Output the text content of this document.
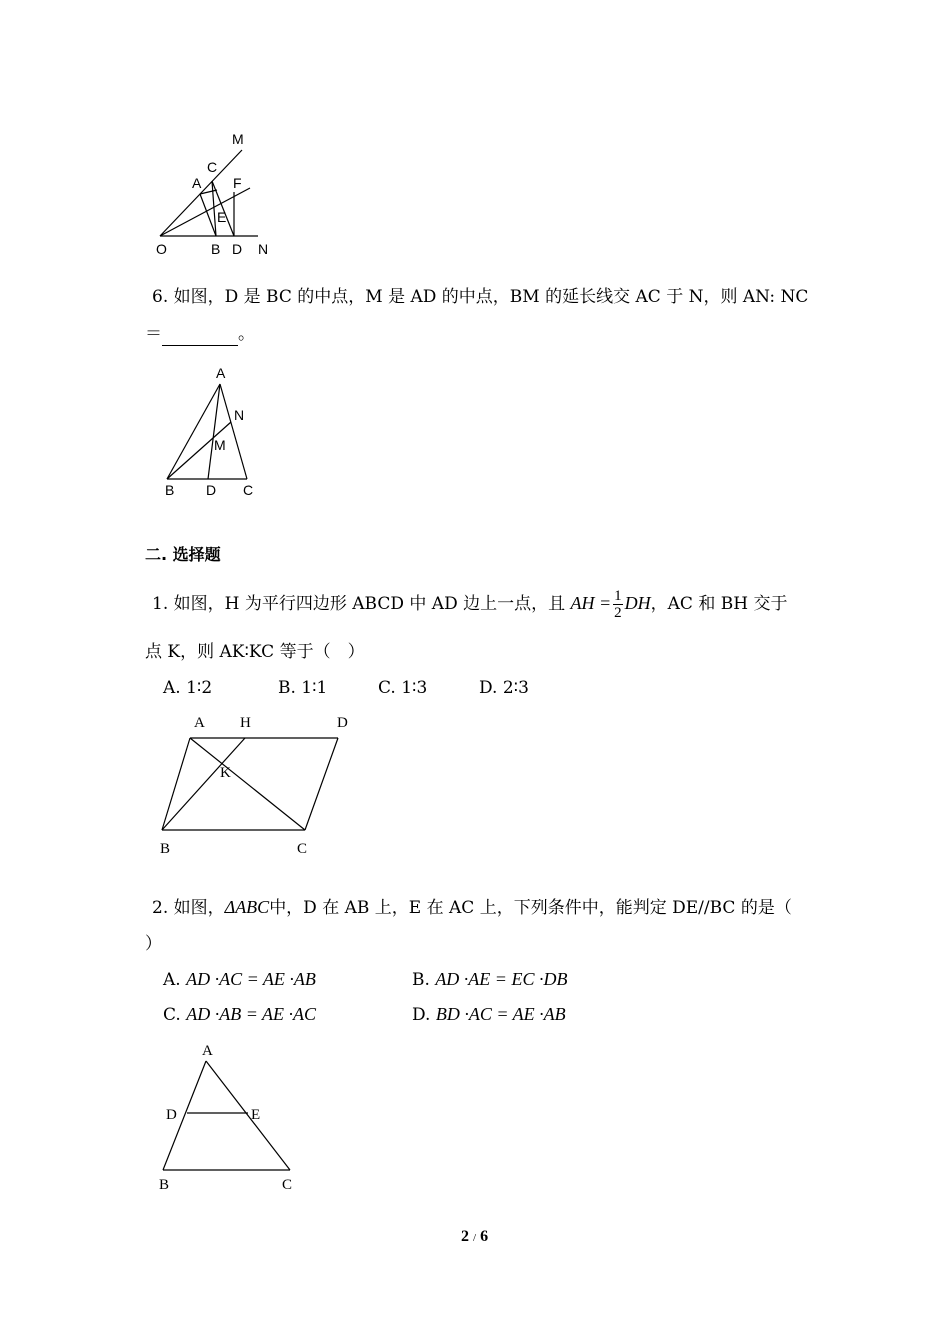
M
C
A F
E
O	B D N
6. 如图，D 是 BC 的中点，M 是 AD 的中点，BM 的延长线交 AC 于 N，则 AN: NC
＝	。
A
N
M
B D C
二. 选择题
1. 如图，H 为平行四边形 ABCD 中 AD 边上一点，且 AH = $\frac{1}{2}$ DH，AC 和 BH 交于
点 K，则 AK∶KC 等于（　）
A. 1∶2	B. 1∶1	C. 1∶3	D. 2∶3
A H	D
K
B	C
2. 如图，ΔABC中，D 在 AB 上，E 在 AC 上，下列条件中，能判定 DE//BC 的是（
）
A. AD ·AC = AE ·AB	B. AD ·AE = EC ·DB
C. AD ·AB = AE ·AC	D. BD ·AC = AE ·AB
A
D	E
B	C
2 / 6
